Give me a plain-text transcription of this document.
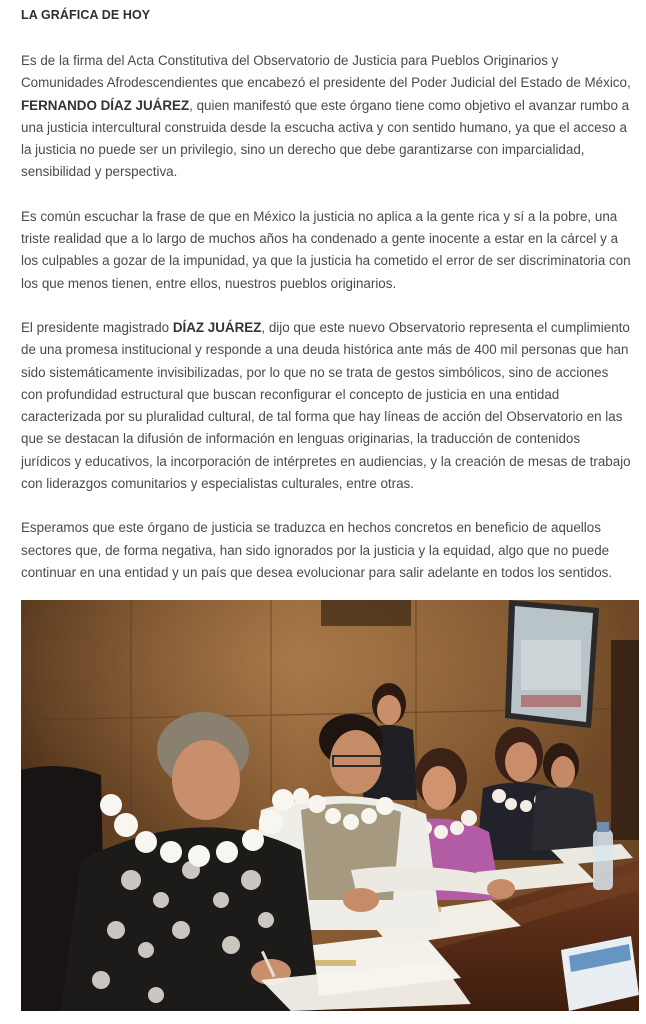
LA GRÁFICA DE HOY

Es de la firma del Acta Constitutiva del Observatorio de Justicia para Pueblos Originarios y Comunidades Afrodescendientes que encabezó el presidente del Poder Judicial del Estado de México, FERNANDO DÍAZ JUÁREZ, quien manifestó que este órgano tiene como objetivo el avanzar rumbo a una justicia intercultural construida desde la escucha activa y con sentido humano, ya que el acceso a la justicia no puede ser un privilegio, sino un derecho que debe garantizarse con imparcialidad, sensibilidad y perspectiva.

Es común escuchar la frase de que en México la justicia no aplica a la gente rica y sí a la pobre, una triste realidad que a lo largo de muchos años ha condenado a gente inocente a estar en la cárcel y a los culpables a gozar de la impunidad, ya que la justicia ha cometido el error de ser discriminatoria con los que menos tienen, entre ellos, nuestros pueblos originarios.

El presidente magistrado DÍAZ JUÁREZ, dijo que este nuevo Observatorio representa el cumplimiento de una promesa institucional y responde a una deuda histórica ante más de 400 mil personas que han sido sistemáticamente invisibilizadas, por lo que no se trata de gestos simbólicos, sino de acciones con profundidad estructural que buscan reconfigurar el concepto de justicia en una entidad caracterizada por su pluralidad cultural, de tal forma que hay líneas de acción del Observatorio en las que se destacan la difusión de información en lenguas originarias, la traducción de contenidos jurídicos y educativos, la incorporación de intérpretes en audiencias, y la creación de mesas de trabajo con liderazgos comunitarios y especialistas culturales, entre otras.

Esperamos que este órgano de justicia se traduzca en hechos concretos en beneficio de aquellos sectores que, de forma negativa, han sido ignorados por la justicia y la equidad, algo que no puede continuar en una entidad y un país que desea evolucionar para salir adelante en todos los sentidos.
